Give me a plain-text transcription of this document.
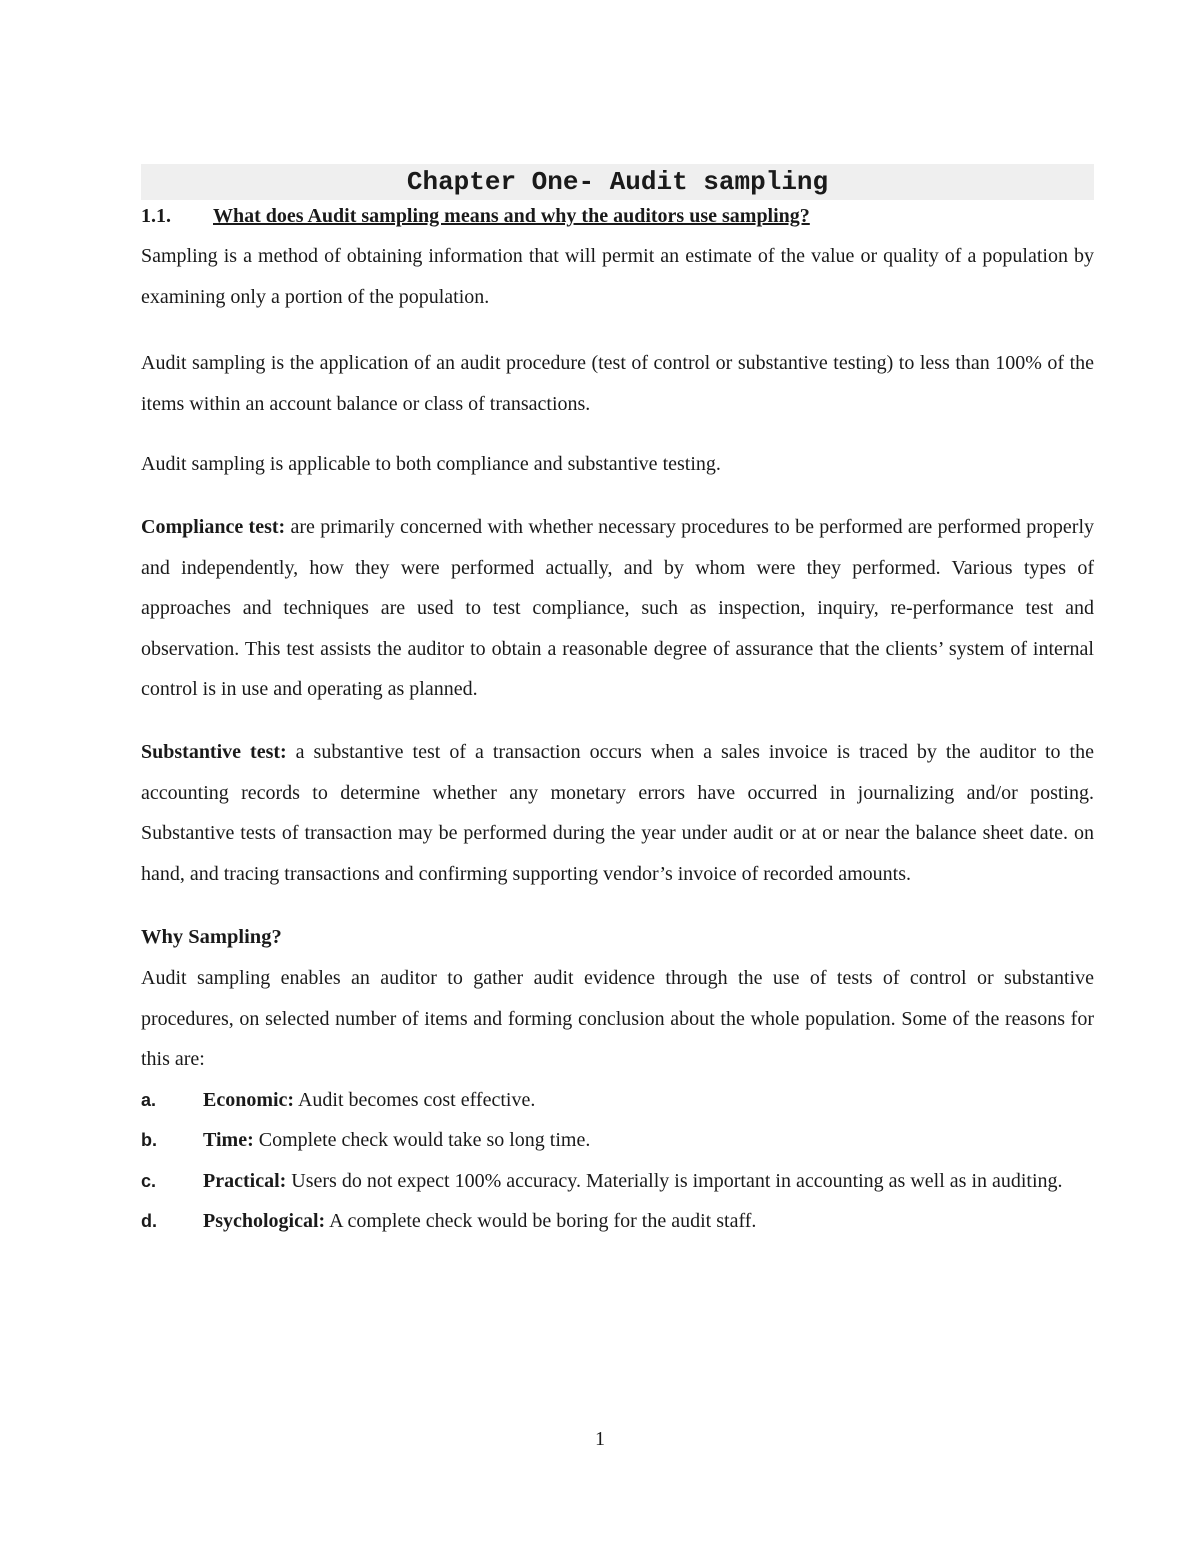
Chapter One- Audit sampling
1.1. What does Audit sampling means and why the auditors use sampling?

Sampling is a method of obtaining information that will permit an estimate of the value or quality of a population by examining only a portion of the population.

Audit sampling is the application of an audit procedure (test of control or substantive testing) to less than 100% of the items within an account balance or class of transactions.

Audit sampling is applicable to both compliance and substantive testing.

Compliance test: are primarily concerned with whether necessary procedures to be performed are performed properly and independently, how they were performed actually, and by whom were they performed. Various types of approaches and techniques are used to test compliance, such as inspection, inquiry, re-performance test and observation. This test assists the auditor to obtain a reasonable degree of assurance that the clients’ system of internal control is in use and operating as planned.

Substantive test: a substantive test of a transaction occurs when a sales invoice is traced by the auditor to the accounting records to determine whether any monetary errors have occurred in journalizing and/or posting. Substantive tests of transaction may be performed during the year under audit or at or near the balance sheet date. on hand, and tracing transactions and confirming supporting vendor’s invoice of recorded amounts.

Why Sampling?

Audit sampling enables an auditor to gather audit evidence through the use of tests of control or substantive procedures, on selected number of items and forming conclusion about the whole population. Some of the reasons for this are:

a.	Economic: Audit becomes cost effective.
b.	Time: Complete check would take so long time.
c.	Practical: Users do not expect 100% accuracy. Materially is important in accounting as well as in auditing.
d.	Psychological: A complete check would be boring for the audit staff.
1
